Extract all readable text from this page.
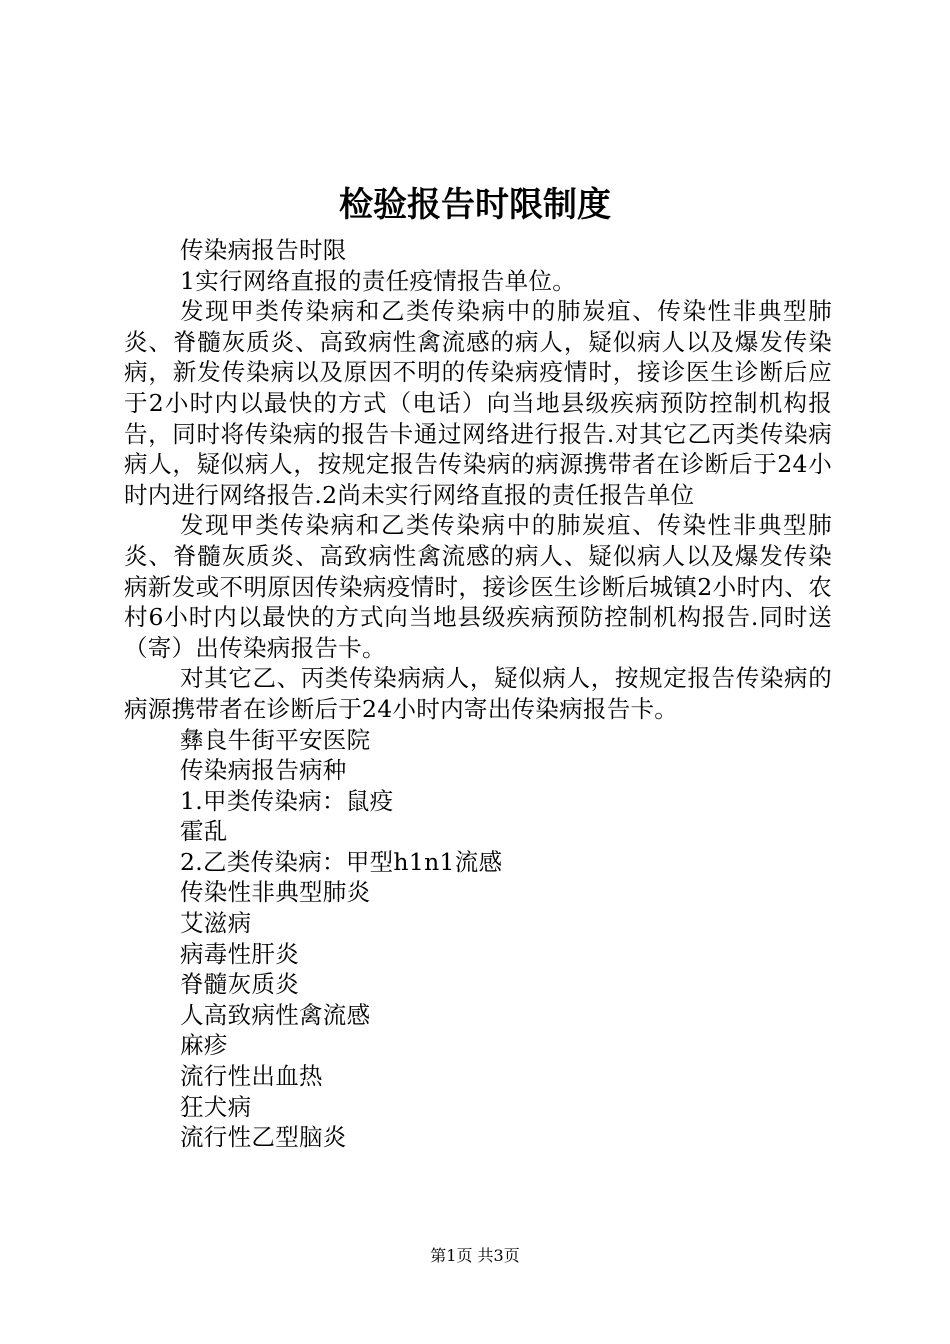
检验报告时限制度

传染病报告时限

1实行网络直报的责任疫情报告单位。

发现甲类传染病和乙类传染病中的肺炭疽、传染性非典型肺炎、脊髓灰质炎、高致病性禽流感的病人，疑似病人以及爆发传染病，新发传染病以及原因不明的传染病疫情时，接诊医生诊断后应于2小时内以最快的方式（电话）向当地县级疾病预防控制机构报告，同时将传染病的报告卡通过网络进行报告.对其它乙丙类传染病病人，疑似病人，按规定报告传染病的病源携带者在诊断后于24小时内进行网络报告.2尚未实行网络直报的责任报告单位

发现甲类传染病和乙类传染病中的肺炭疽、传染性非典型肺炎、脊髓灰质炎、高致病性禽流感的病人、疑似病人以及爆发传染病新发或不明原因传染病疫情时，接诊医生诊断后城镇2小时内、农村6小时内以最快的方式向当地县级疾病预防控制机构报告.同时送（寄）出传染病报告卡。

对其它乙、丙类传染病病人，疑似病人，按规定报告传染病的病源携带者在诊断后于24小时内寄出传染病报告卡。

彝良牛街平安医院

传染病报告病种

1.甲类传染病：鼠疫

霍乱

2.乙类传染病：甲型h1n1流感

传染性非典型肺炎

艾滋病

病毒性肝炎

脊髓灰质炎

人高致病性禽流感

麻疹

流行性出血热

狂犬病

流行性乙型脑炎

第1页 共3页
